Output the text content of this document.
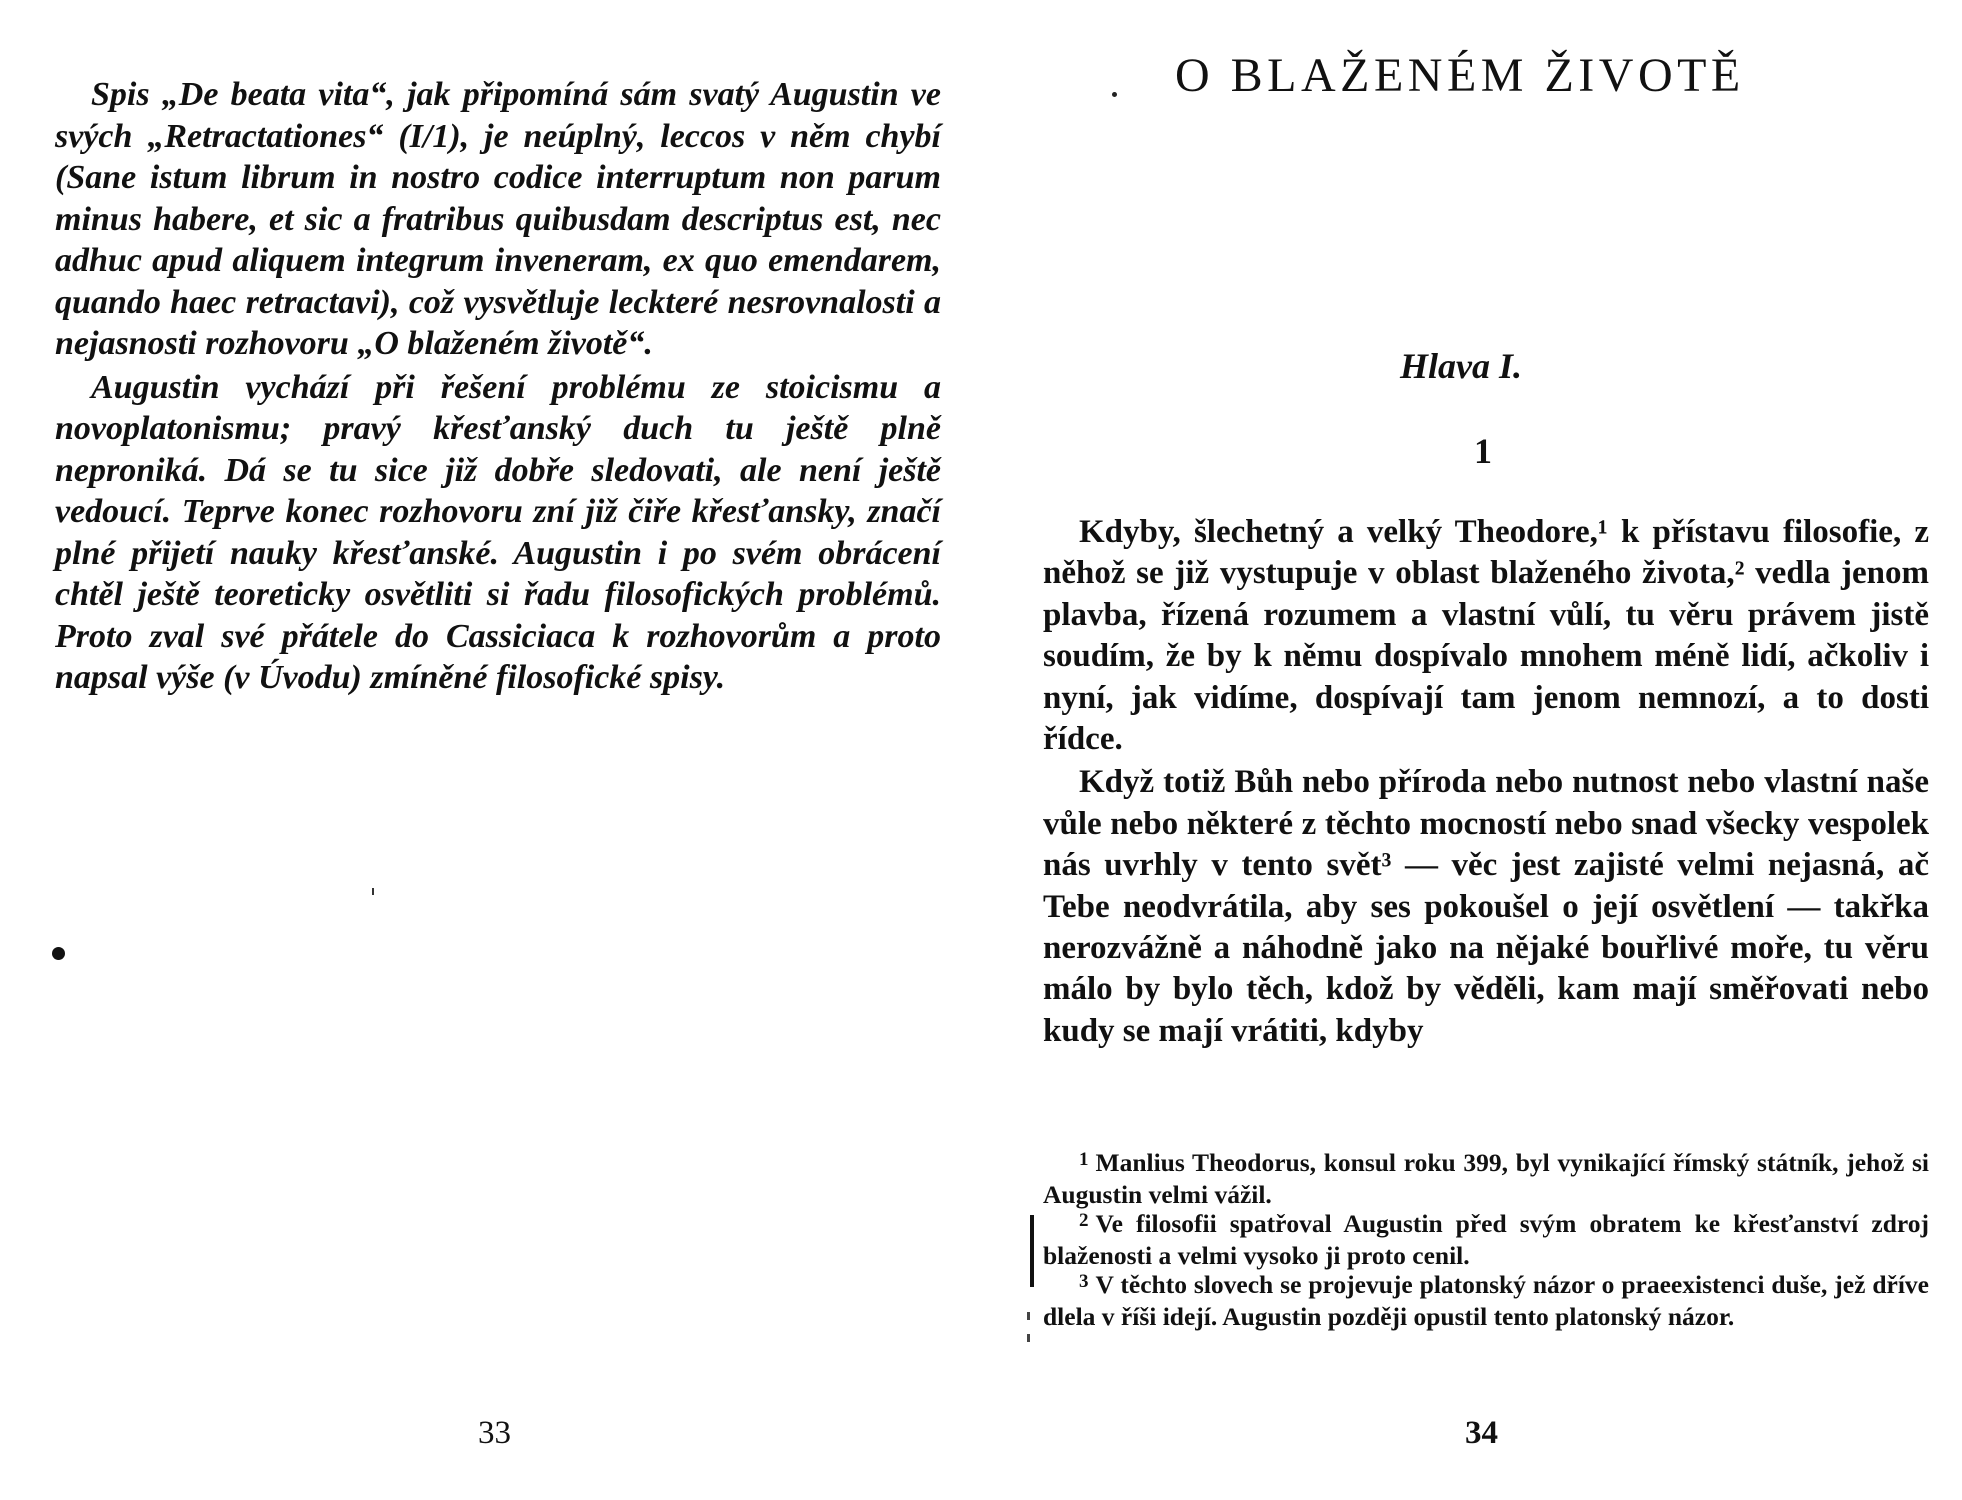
Spis „De beata vita“, jak připomíná sám svatý Augustin ve svých „Retractationes“ (I/1), je neúplný, leccos v něm chybí (Sane istum librum in nostro codice interruptum non parum minus habere, et sic a fratribus quibusdam descriptus est, nec adhuc apud aliquem integrum inveneram, ex quo emendarem, quando haec retractavi), což vysvětluje leckteré nesrovnalosti a nejasnosti rozhovoru „O blaženém životě“.

Augustin vychází při řešení problému ze stoicismu a novoplatonismu; pravý křesťanský duch tu ještě plně neproniká. Dá se tu sice již dobře sledovati, ale není ještě vedoucí. Teprve konec rozhovoru zní již čiře křesťansky, značí plné přijetí nauky křesťanské. Augustin i po svém obrácení chtěl ještě teoreticky osvětliti si řadu filosofických problémů. Proto zval své přátele do Cassiciaca k rozhovorům a proto napsal výše (v Úvodu) zmíněné filosofické spisy.

33
O BLAŽENÉM ŽIVOTĚ
Hlava I.
1

Kdyby, šlechetný a velký Theodore,¹ k přístavu filosofie, z něhož se již vystupuje v oblast blaženého života,² vedla jenom plavba, řízená rozumem a vlastní vůlí, tu věru právem jistě soudím, že by k němu dospívalo mnohem méně lidí, ačkoliv i nyní, jak vidíme, dospívají tam jenom nemnozí, a to dosti řídce.

Když totiž Bůh nebo příroda nebo nutnost nebo vlastní naše vůle nebo některé z těchto mocností nebo snad všecky vespolek nás uvrhly v tento svět³ — věc jest zajisté velmi nejasná, ač Tebe neodvrátila, aby ses pokoušel o její osvětlení — takřka nerozvážně a náhodně jako na nějaké bouřlivé moře, tu věru málo by bylo těch, kdož by věděli, kam mají směřovati nebo kudy se mají vrátiti, kdyby

$^1$ Manlius Theodorus, konsul roku 399, byl vynikající římský státník, jehož si Augustin velmi vážil.

$^2$ Ve filosofii spatřoval Augustin před svým obratem ke křesťanství zdroj blaženosti a velmi vysoko ji proto cenil.

$^3$ V těchto slovech se projevuje platonský názor o praeexistenci duše, jež dříve dlela v říši idejí. Augustin později opustil tento platonský názor.

34
